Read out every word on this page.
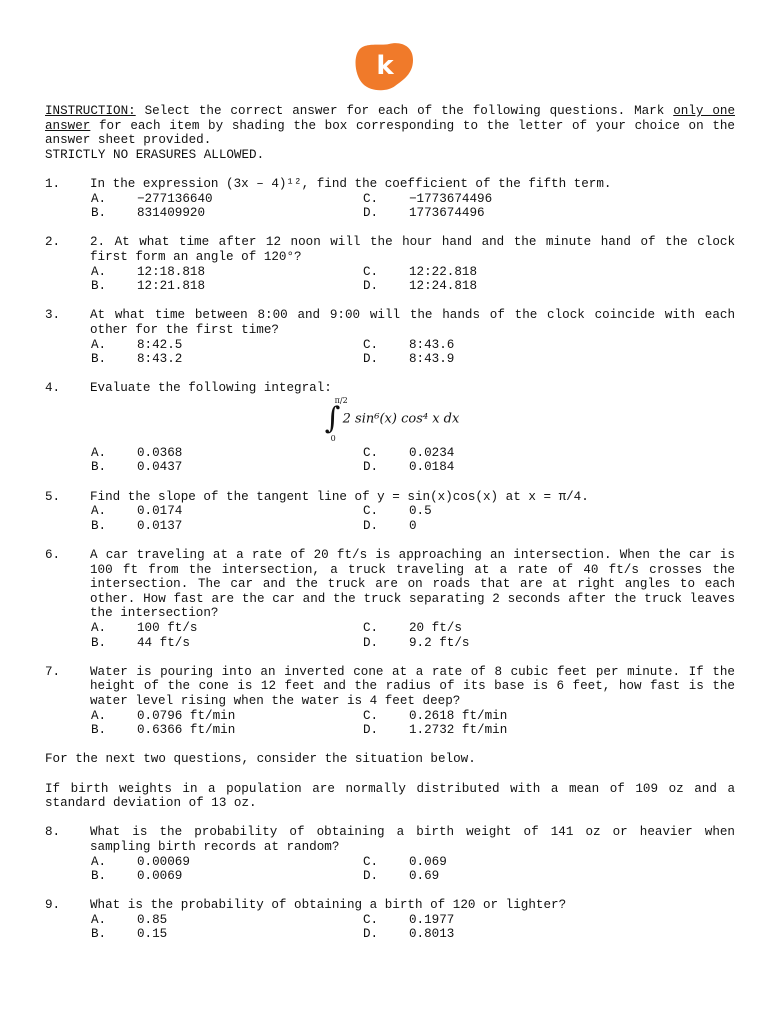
k

INSTRUCTION: Select the correct answer for each of the following questions. Mark only one answer for each item by shading the box corresponding to the letter of your choice on the answer sheet provided.

STRICTLY NO ERASURES ALLOWED.

1. In the expression (3x – 4)¹², find the coefficient of the fifth term.
A.	−277136640	C.	−1773674496
B.	831409920	D.	1773674496
2. 2. At what time after 12 noon will the hour hand and the minute hand of the clock first form an angle of 120°?
A.	12:18.818	C.	12:22.818
B.	12:21.818	D.	12:24.818
3. At what time between 8:00 and 9:00 will the hands of the clock coincide with each other for the first time?
A.	8:42.5	C.	8:43.6
B.	8:43.2	D.	8:43.9
4. Evaluate the following integral:
∫
π/2
0
2 sin⁶(x) cos⁴ x dx
A.	0.0368	C.	0.0234
B.	0.0437	D.	0.0184
5. Find the slope of the tangent line of y = sin(x)cos(x) at x = π/4.
A.	0.0174	C.	0.5
B.	0.0137	D.	0
6. A car traveling at a rate of 20 ft/s is approaching an intersection. When the car is 100 ft from the intersection, a truck traveling at a rate of 40 ft/s crosses the intersection. The car and the truck are on roads that are at right angles to each other. How fast are the car and the truck separating 2 seconds after the truck leaves the intersection?
A.	100 ft/s	C.	20 ft/s
B.	44 ft/s	D.	9.2 ft/s
7. Water is pouring into an inverted cone at a rate of 8 cubic feet per minute. If the height of the cone is 12 feet and the radius of its base is 6 feet, how fast is the water level rising when the water is 4 feet deep?
A.	0.0796 ft/min	C.	0.2618 ft/min
B.	0.6366 ft/min	D.	1.2732 ft/min
For the next two questions, consider the situation below.
If birth weights in a population are normally distributed with a mean of 109 oz and a standard deviation of 13 oz.
8. What is the probability of obtaining a birth weight of 141 oz or heavier when sampling birth records at random?
A.	0.00069	C.	0.069
B.	0.0069	D.	0.69
9. What is the probability of obtaining a birth of 120 or lighter?
A.	0.85	C.	0.1977
B.	0.15	D.	0.8013
